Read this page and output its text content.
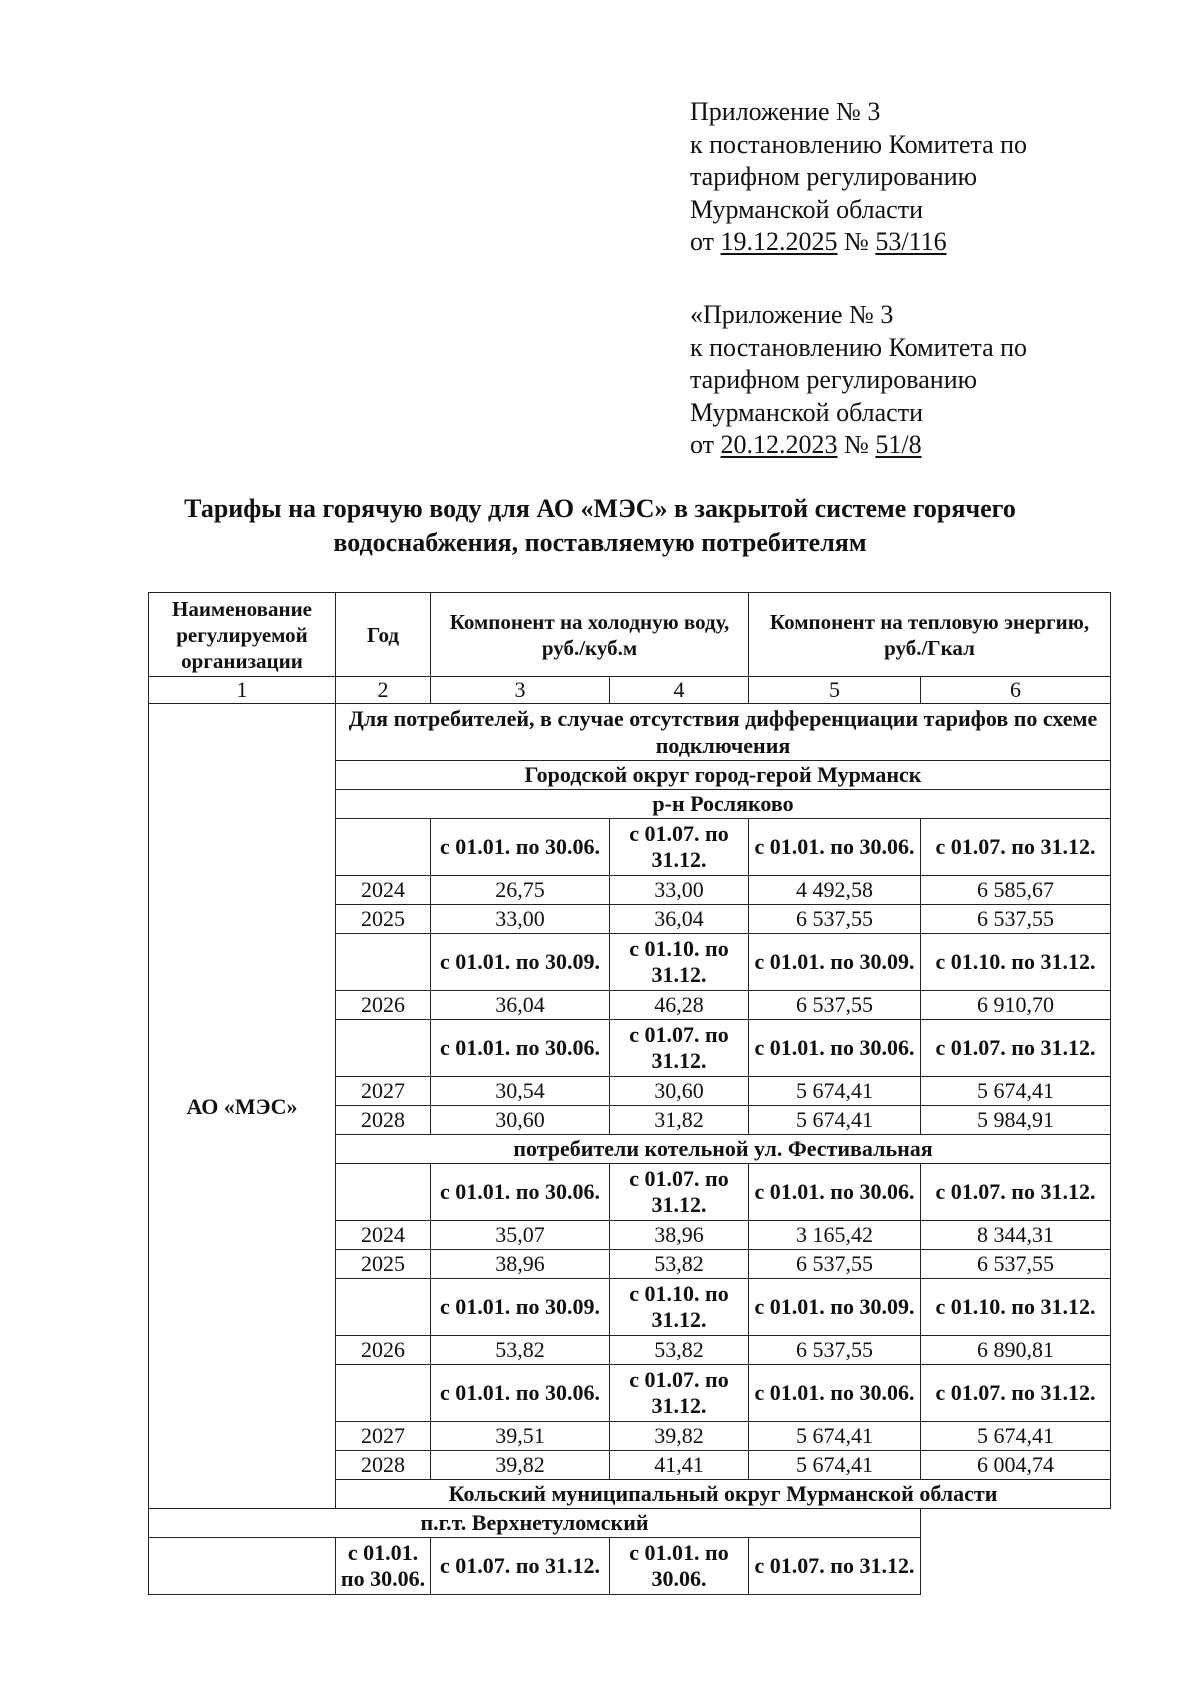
Приложение № 3
к постановлению Комитета по
тарифном регулированию
Мурманской области
от 19.12.2025 № 53/116
«Приложение № 3
к постановлению Комитета по
тарифном регулированию
Мурманской области
от 20.12.2023 № 51/8
Тарифы на горячую воду для АО «МЭС» в закрытой системе горячего
водоснабжения, поставляемую потребителям
Наименование регулируемой организации	Год	Компонент на холодную воду, руб./куб.м		Компонент на тепловую энергию, руб./Гкал	
1	2	3	4	5	6
АО «МЭС»	Для потребителей, в случае отсутствия дифференциации тарифов по схеме подключения				
	Городской округ город-герой Мурманск				
	р-н Росляково				
		с 01.01. по 30.06.	с 01.07. по 31.12.	с 01.01. по 30.06.	с 01.07. по 31.12.
	2024	26,75	33,00	4 492,58	6 585,67
	2025	33,00	36,04	6 537,55	6 537,55
		с 01.01. по 30.09.	с 01.10. по 31.12.	с 01.01. по 30.09.	с 01.10. по 31.12.
	2026	36,04	46,28	6 537,55	6 910,70
		с 01.01. по 30.06.	с 01.07. по 31.12.	с 01.01. по 30.06.	с 01.07. по 31.12.
	2027	30,54	30,60	5 674,41	5 674,41
	2028	30,60	31,82	5 674,41	5 984,91
	потребители котельной ул. Фестивальная				
		с 01.01. по 30.06.	с 01.07. по 31.12.	с 01.01. по 30.06.	с 01.07. по 31.12.
	2024	35,07	38,96	3 165,42	8 344,31
	2025	38,96	53,82	6 537,55	6 537,55
		с 01.01. по 30.09.	с 01.10. по 31.12.	с 01.01. по 30.09.	с 01.10. по 31.12.
	2026	53,82	53,82	6 537,55	6 890,81
		с 01.01. по 30.06.	с 01.07. по 31.12.	с 01.01. по 30.06.	с 01.07. по 31.12.
	2027	39,51	39,82	5 674,41	5 674,41
	2028	39,82	41,41	5 674,41	6 004,74
	Кольский муниципальный округ Мурманской области				
п.г.т. Верхнетуломский					
	с 01.01. по 30.06.	с 01.07. по 31.12.	с 01.01. по 30.06.	с 01.07. по 31.12.	
